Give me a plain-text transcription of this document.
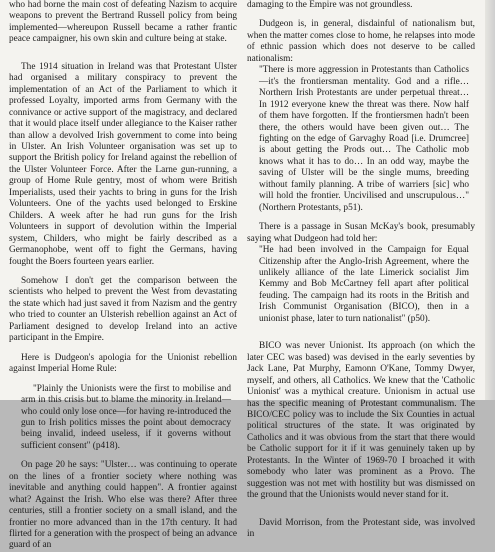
who had borne the main cost of defeating Nazism to acquire weapons to prevent the Bertrand Russell policy from being implemented—whereupon Russell became a rather frantic peace campaigner, his own skin and culture being at stake.

The 1914 situation in Ireland was that Protestant Ulster had organised a military conspiracy to prevent the implementation of an Act of the Parliament to which it professed Loyalty, imported arms from Germany with the connivance or active support of the magistracy, and declared that it would place itself under allegiance to the Kaiser rather than allow a devolved Irish government to come into being in Ulster. An Irish Volunteer organisation was set up to support the British policy for Ireland against the rebellion of the Ulster Volunteer Force. After the Larne gun-running, a group of Home Rule gentry, most of whom were British Imperialists, used their yachts to bring in guns for the Irish Volunteers. One of the yachts used belonged to Erskine Childers. A week after he had run guns for the Irish Volunteers in support of devolution within the Imperial system, Childers, who might be fairly described as a Germanophobe, went off to fight the Germans, having fought the Boers fourteen years earlier.

Somehow I don't get the comparison between the scientists who helped to prevent the West from devastating the state which had just saved it from Nazism and the gentry who tried to counter an Ulsterish rebellion against an Act of Parliament designed to develop Ireland into an active participant in the Empire.

Here is Dudgeon's apologia for the Unionist rebellion against Imperial Home Rule:

"Plainly the Unionists were the first to mobilise and arm in this crisis but to blame the minority in Ireland—who could only lose once—for having re-introduced the gun to Irish politics misses the point about democracy being invalid, indeed useless, if it governs without sufficient consent" (p418).

On page 20 he says: "Ulster… was continuing to operate on the lines of a frontier society where nothing was inevitable and anything could happen". A frontier against what? Against the Irish. Who else was there? After three centuries, still a frontier society on a small island, and the frontier no more advanced than in the 17th century. It had flirted for a generation with the prospect of being an advance guard of an

damaging to the Empire was not groundless.

Dudgeon is, in general, disdainful of nationalism but, when the matter comes close to home, he relapses into mode of ethnic passion which does not deserve to be called nationalism:

"There is more aggression in Protestants than Catholics—it's the frontiersman mentality. God and a rifle… Northern Irish Protestants are under perpetual threat… In 1912 everyone knew the threat was there. Now half of them have forgotten. If the frontiersmen hadn't been there, the others would have been given out… The fighting on the edge of Garvaghy Road [i.e. Drumcree] is about getting the Prods out… The Catholic mob knows what it has to do… In an odd way, maybe the saving of Ulster will be the single mums, breeding without family planning. A tribe of warriers [sic] who will hold the frontier. Uncivilised and unscrupulous…" (Northern Protestants, p51).

There is a passage in Susan McKay's book, presumably saying what Dudgeon had told her:

"He had been involved in the Campaign for Equal Citizenship after the Anglo-Irish Agreement, where the unlikely alliance of the late Limerick socialist Jim Kemmy and Bob McCartney fell apart after political feuding. The campaign had its roots in the British and Irish Communist Organisation (BICO), then in a unionist phase, later to turn nationalist" (p50).

BICO was never Unionist. Its approach (on which the later CEC was based) was devised in the early seventies by Jack Lane, Pat Murphy, Eamonn O'Kane, Tommy Dwyer, myself, and others, all Catholics. We knew that the 'Catholic Unionist' was a mythical creature. Unionism in actual use has the specific meaning of Protestant communalism. The BICO/CEC policy was to include the Six Counties in actual political structures of the state. It was originated by Catholics and it was obvious from the start that there would be Catholic support for it if it was genuinely taken up by Protestants. In the Winter of 1969-70 I broached it with somebody who later was prominent as a Provo. The suggestion was not met with hostility but was dismissed on the ground that the Unionists would never stand for it.

David Morrison, from the Protestant side, was involved in
